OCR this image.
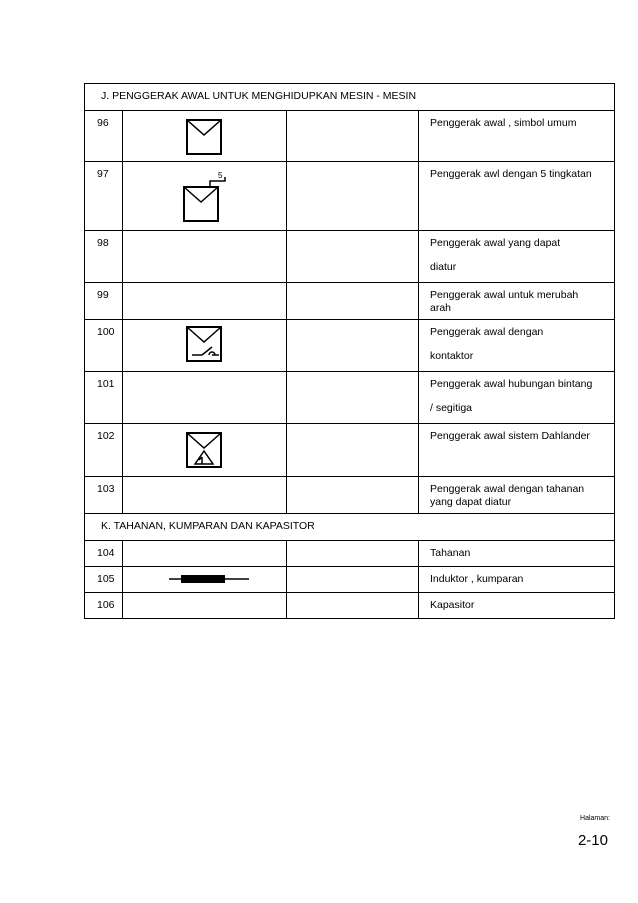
J. PENGGERAK AWAL UNTUK MENGHIDUPKAN MESIN - MESIN			
96			Penggerak awal , simbol umum
97	5		Penggerak awl dengan 5 tingkatan
98			Penggerak awal yang dapat
diatur

99			Penggerak awal untuk merubah
arah

100			Penggerak awal dengan
kontaktor

101			Penggerak awal hubungan bintang
/ segitiga

102			Penggerak awal sistem Dahlander
103			Penggerak awal dengan tahanan
yang dapat diatur

K. TAHANAN, KUMPARAN DAN KAPASITOR			
104			Tahanan
105			Induktor , kumparan
106			Kapasitor
Halaman:
2-10
